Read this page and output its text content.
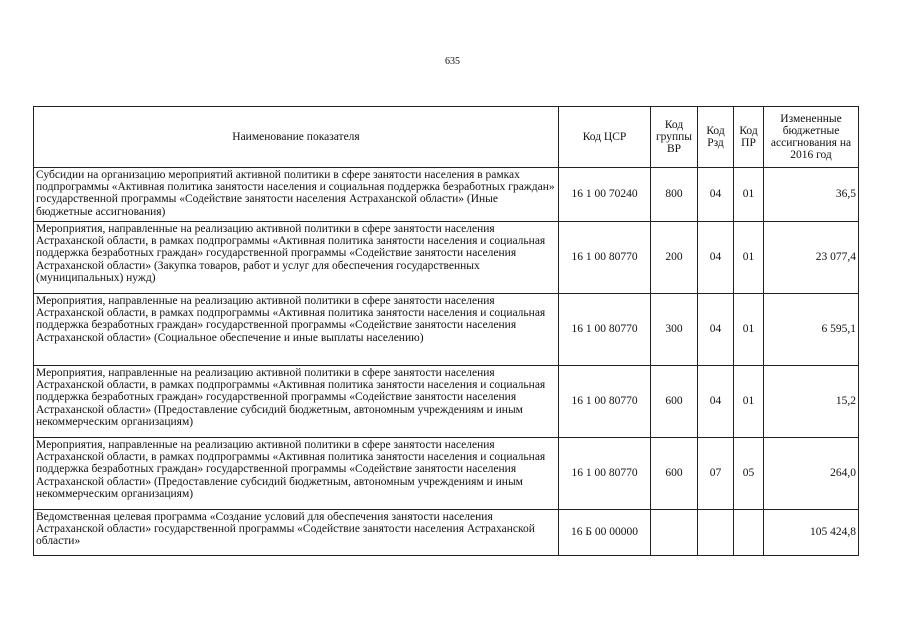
635
Наименование показателя	Код ЦСР	Код группы ВР	Код Рзд	Код ПР	Измененные бюджетные ассигнования на 2016 год
Субсидии на организацию мероприятий активной политики в сфере занятости населения в рамках подпрограммы «Активная политика занятости населения и социальная поддержка безработных граждан» государственной программы «Содействие занятости населения Астраханской области» (Иные бюджетные ассигнования)	16 1 00 70240	800	04	01	36,5
Мероприятия, направленные на реализацию активной политики в сфере занятости населения Астраханской области, в рамках подпрограммы «Активная политика занятости населения и социальная поддержка безработных граждан» государственной программы «Содействие занятости населения Астраханской области» (Закупка товаров, работ и услуг для обеспечения государственных (муниципальных) нужд)	16 1 00 80770	200	04	01	23 077,4
Мероприятия, направленные на реализацию активной политики в сфере занятости населения Астраханской области, в рамках подпрограммы «Активная политика занятости населения и социальная поддержка безработных граждан» государственной программы «Содействие занятости населения Астраханской области» (Социальное обеспечение и иные выплаты населению)	16 1 00 80770	300	04	01	6 595,1
Мероприятия, направленные на реализацию активной политики в сфере занятости населения Астраханской области, в рамках подпрограммы «Активная политика занятости населения и социальная поддержка безработных граждан» государственной программы «Содействие занятости населения Астраханской области» (Предоставление субсидий бюджетным, автономным учреждениям и иным некоммерческим организациям)	16 1 00 80770	600	04	01	15,2
Мероприятия, направленные на реализацию активной политики в сфере занятости населения Астраханской области, в рамках подпрограммы «Активная политика занятости населения и социальная поддержка безработных граждан» государственной программы «Содействие занятости населения Астраханской области» (Предоставление субсидий бюджетным, автономным учреждениям и иным некоммерческим организациям)	16 1 00 80770	600	07	05	264,0
Ведомственная целевая программа «Создание условий для обеспечения занятости населения Астраханской области» государственной программы «Содействие занятости населения Астраханской области»	16 Б 00 00000				105 424,8
